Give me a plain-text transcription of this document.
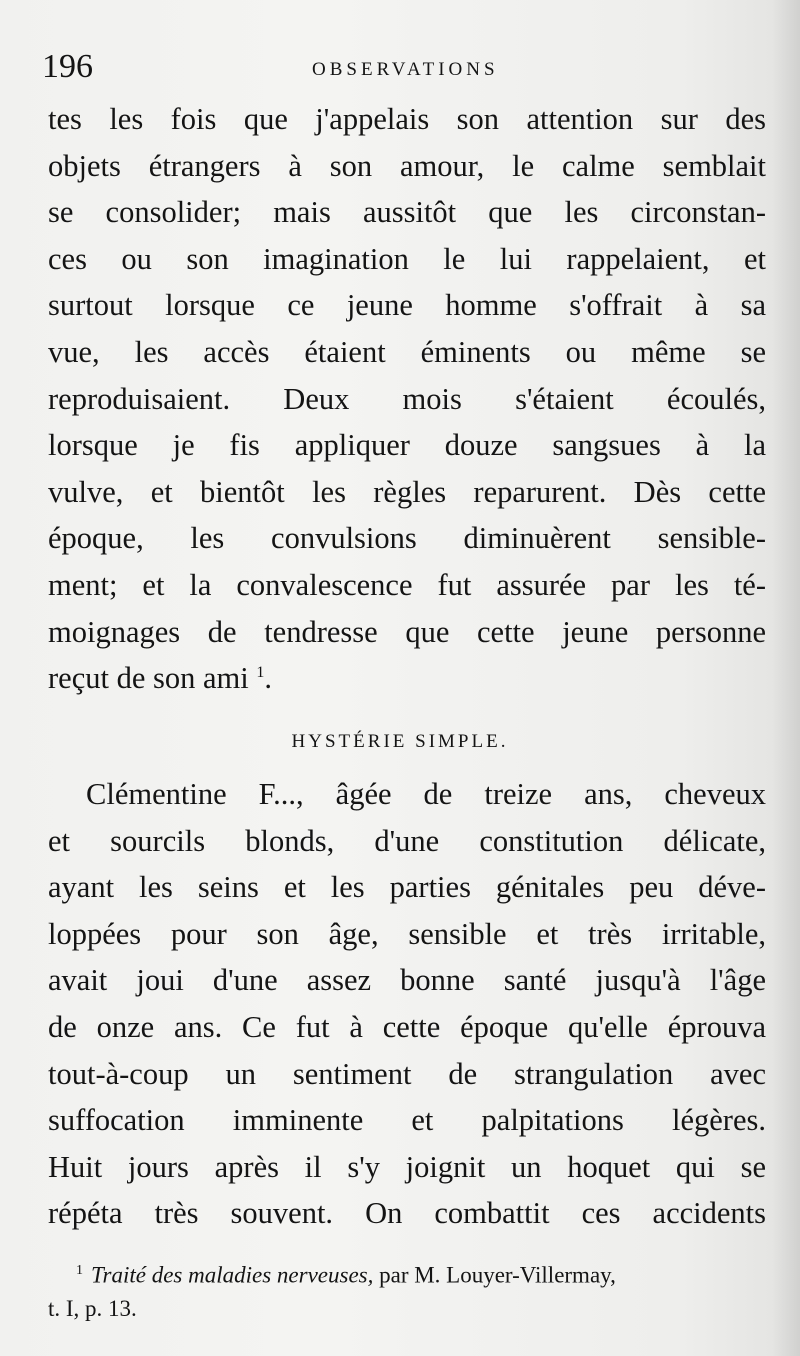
196	OBSERVATIONS
tes les fois que j'appelais son attention sur des
objets étrangers à son amour, le calme semblait
se consolider; mais aussitôt que les circonstan-
ces ou son imagination le lui rappelaient, et
surtout lorsque ce jeune homme s'offrait à sa
vue, les accès étaient éminents ou même se
reproduisaient. Deux mois s'étaient écoulés,
lorsque je fis appliquer douze sangsues à la
vulve, et bientôt les règles reparurent. Dès cette
époque, les convulsions diminuèrent sensible-
ment; et la convalescence fut assurée par les té-
moignages de tendresse que cette jeune personne
reçut de son ami $^1$.
HYSTÉRIE SIMPLE.
Clémentine F..., âgée de treize ans, cheveux
et sourcils blonds, d'une constitution délicate,
ayant les seins et les parties génitales peu déve-
loppées pour son âge, sensible et très irritable,
avait joui d'une assez bonne santé jusqu'à l'âge
de onze ans. Ce fut à cette époque qu'elle éprouva
tout-à-coup un sentiment de strangulation avec
suffocation imminente et palpitations légères.
Huit jours après il s'y joignit un hoquet qui se
répéta très souvent. On combattit ces accidents
$^1$ Traité des maladies nerveuses, par M. Louyer-Villermay,
t. I, p. 13.
